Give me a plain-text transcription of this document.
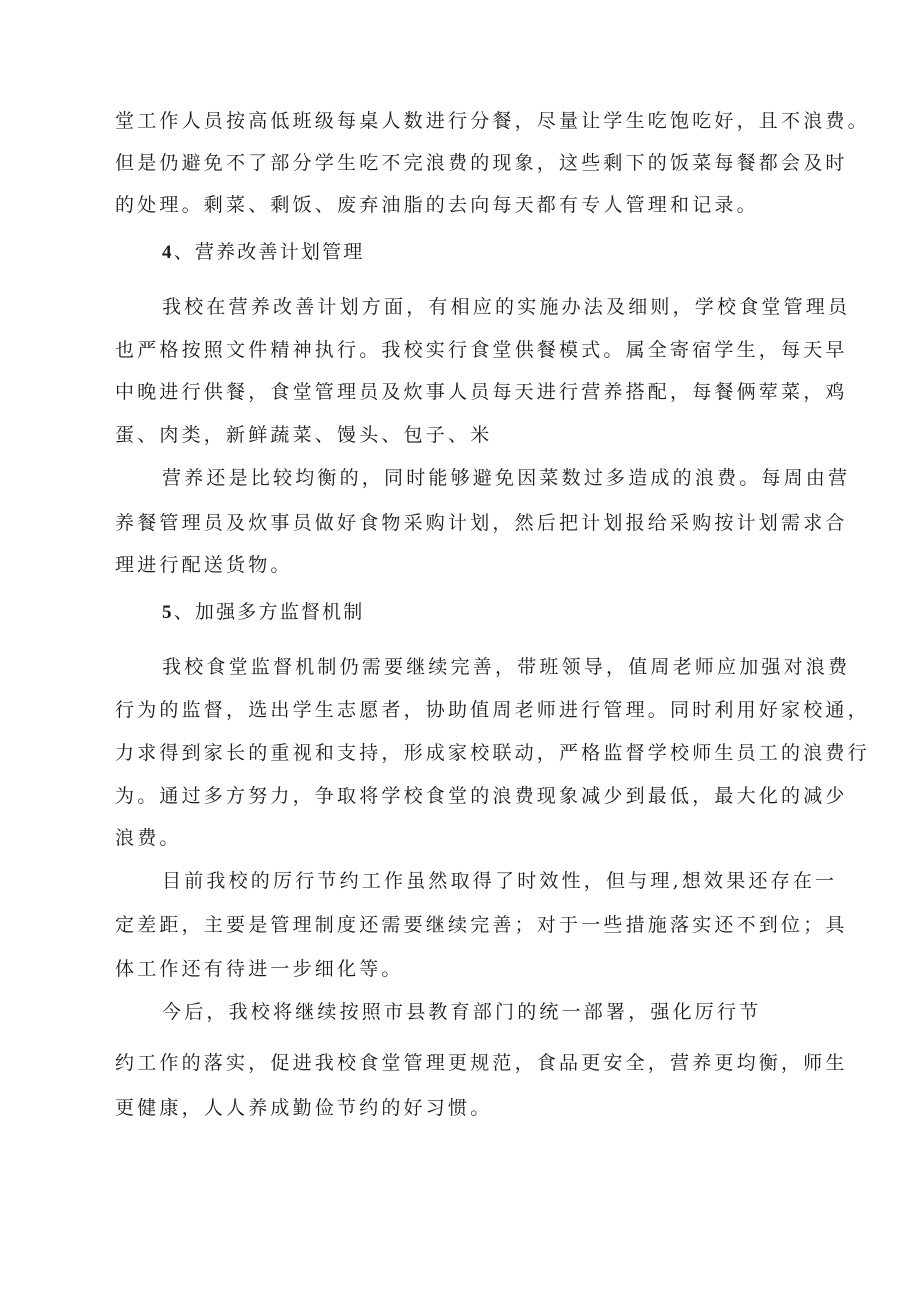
堂工作人员按高低班级每桌人数进行分餐，尽量让学生吃饱吃好，且不浪费。
但是仍避免不了部分学生吃不完浪费的现象，这些剩下的饭菜每餐都会及时
的处理。剩菜、剩饭、废弃油脂的去向每天都有专人管理和记录。
4、营养改善计划管理
我校在营养改善计划方面，有相应的实施办法及细则，学校食堂管理员
也严格按照文件精神执行。我校实行食堂供餐模式。属全寄宿学生，每天早
中晚进行供餐，食堂管理员及炊事人员每天进行营养搭配，每餐俩荤菜，鸡
蛋、肉类，新鲜蔬菜、馒头、包子、米
营养还是比较均衡的，同时能够避免因菜数过多造成的浪费。每周由营
养餐管理员及炊事员做好食物采购计划，然后把计划报给采购按计划需求合
理进行配送货物。
5、加强多方监督机制
我校食堂监督机制仍需要继续完善，带班领导，值周老师应加强对浪费
行为的监督，选出学生志愿者，协助值周老师进行管理。同时利用好家校通，
力求得到家长的重视和支持，形成家校联动，严格监督学校师生员工的浪费行
为。通过多方努力，争取将学校食堂的浪费现象减少到最低，最大化的减少
浪费。
目前我校的厉行节约工作虽然取得了时效性，但与理,想效果还存在一
定差距，主要是管理制度还需要继续完善；对于一些措施落实还不到位；具
体工作还有待进一步细化等。
今后，我校将继续按照市县教育部门的统一部署，强化厉行节
约工作的落实，促进我校食堂管理更规范，食品更安全，营养更均衡，师生
更健康，人人养成勤俭节约的好习惯。
